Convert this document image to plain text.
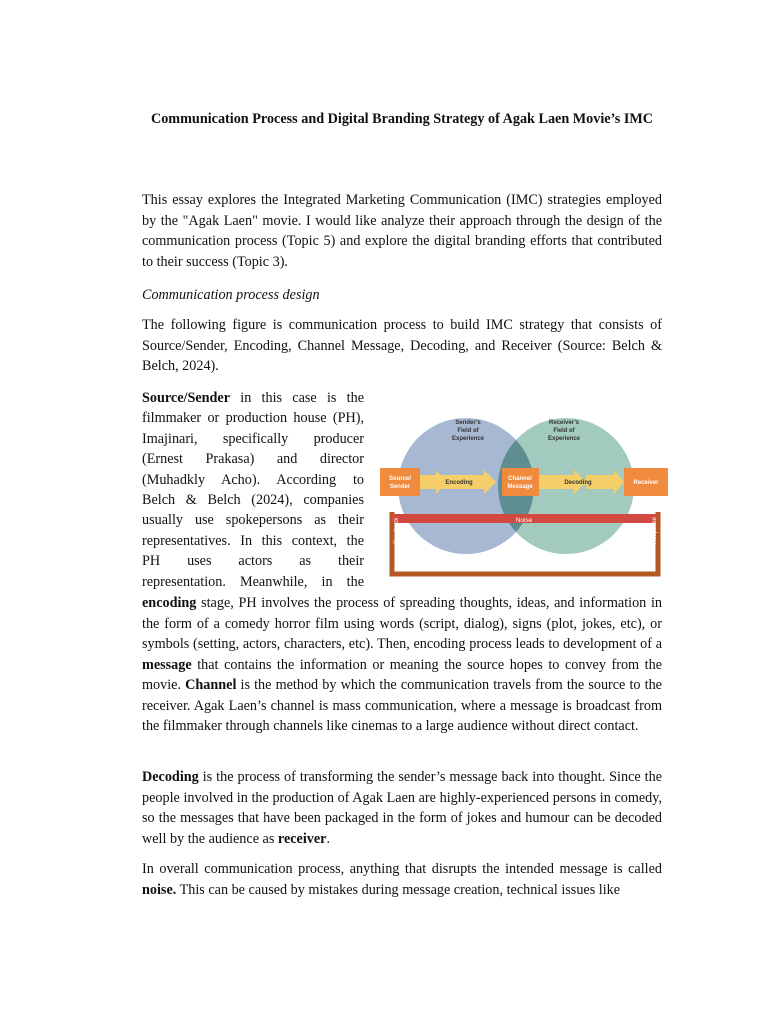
Communication Process and Digital Branding Strategy of Agak Laen Movie’s IMC

This essay explores the Integrated Marketing Communication (IMC) strategies employed by the "Agak Laen" movie. I would like analyze their approach through the design of the communication process (Topic 5) and explore the digital branding efforts that contributed to their success (Topic 3).

Communication process design

The following figure is communication process to build IMC strategy that consists of Source/Sender, Encoding, Channel Message, Decoding, and Receiver (Source: Belch & Belch, 2024).

Source/Sender in this case is the
filmmaker or production house (PH),
Imajinari, specifically producer
(Ernest Prakasa) and director
(Muhadkly Acho). According to
Belch & Belch (2024), companies
usually use spokepersons as their
representatives. In this context, the
PH uses actors as their
representation. Meanwhile, in the
Noise
Feedback	Response
Source/
Sender
Channel
Message
Receiver
Encoding	Decoding
Sender’s
Field of
Experience
Receiver’s
Field of
Experience

encoding stage, PH involves the process of spreading thoughts, ideas, and information in the form of a comedy horror film using words (script, dialog), signs (plot, jokes, etc), or symbols (setting, actors, characters, etc). Then, encoding process leads to development of a message that contains the information or meaning the source hopes to convey from the movie. Channel is the method by which the communication travels from the source to the receiver. Agak Laen’s channel is mass communication, where a message is broadcast from the filmmaker through channels like cinemas to a large audience without direct contact.

Decoding is the process of transforming the sender’s message back into thought. Since the people involved in the production of Agak Laen are highly-experienced persons in comedy, so the messages that have been packaged in the form of jokes and humour can be decoded well by the audience as receiver.

In overall communication process, anything that disrupts the intended message is called noise. This can be caused by mistakes during message creation, technical issues like
